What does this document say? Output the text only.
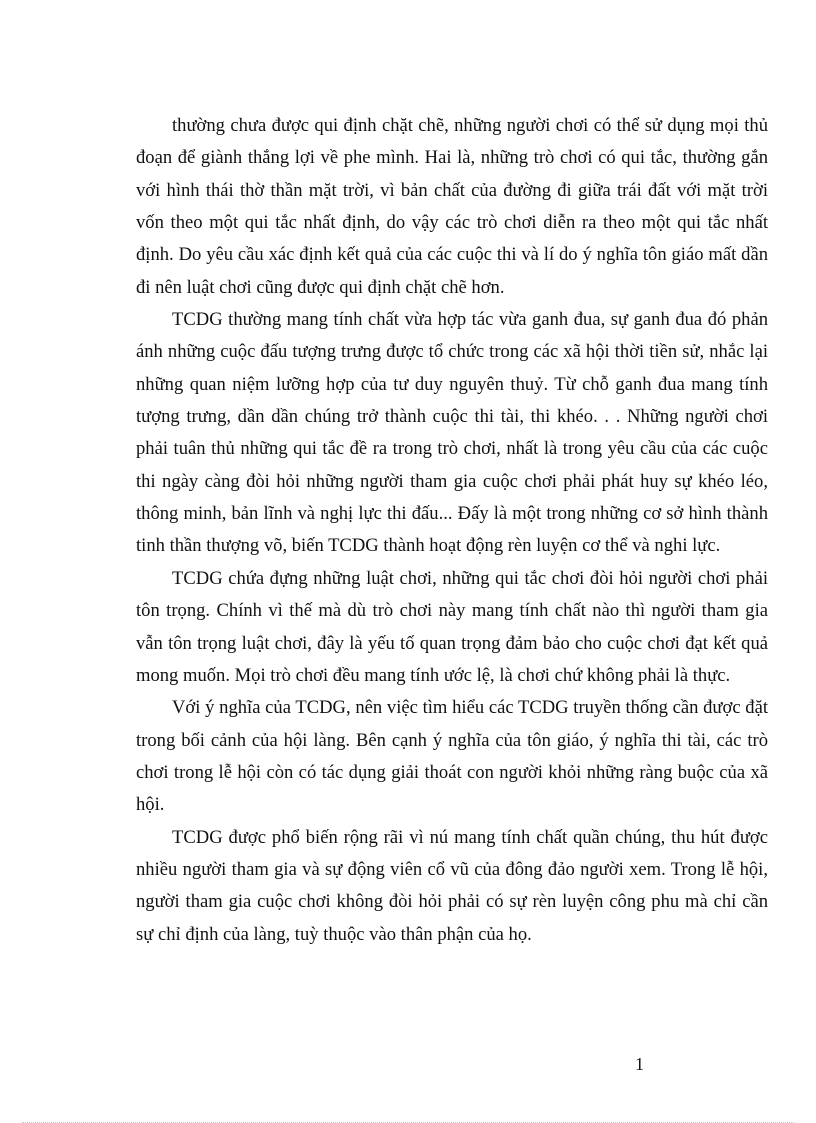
thường chưa được qui định chặt chẽ, những người chơi có thể sử dụng mọi thủ đoạn để giành thắng lợi về phe mình. Hai là, những trò chơi có qui tắc, thường gắn với hình thái thờ thần mặt trời, vì bản chất của đường đi giữa trái đất với mặt trời vốn theo một qui tắc nhất định, do vậy các trò chơi diễn ra theo một qui tắc nhất định. Do yêu cầu xác định kết quả của các cuộc thi và lí do ý nghĩa tôn giáo mất dần đi nên luật chơi cũng được qui định chặt chẽ hơn.

TCDG thường mang tính chất vừa hợp tác vừa ganh đua, sự ganh đua đó phản ánh những cuộc đấu tượng trưng được tổ chức trong các xã hội thời tiền sử, nhắc lại những quan niệm lưỡng hợp của tư duy nguyên thuỷ. Từ chỗ ganh đua mang tính tượng trưng, dần dần chúng trở thành cuộc thi tài, thi khéo. . . Những người chơi phải tuân thủ những qui tắc đề ra trong trò chơi, nhất là trong yêu cầu của các cuộc thi ngày càng đòi hỏi những người tham gia cuộc chơi phải phát huy sự khéo léo, thông minh, bản lĩnh và nghị lực thi đấu... Đấy là một trong những cơ sở hình thành tinh thần thượng võ, biến TCDG thành hoạt động rèn luyện cơ thể và nghi lực.

TCDG chứa đựng những luật chơi, những qui tắc chơi đòi hỏi người chơi phải tôn trọng. Chính vì thế mà dù trò chơi này mang tính chất nào thì người tham gia vẫn tôn trọng luật chơi, đây là yếu tố quan trọng đảm bảo cho cuộc chơi đạt kết quả mong muốn. Mọi trò chơi đều mang tính ước lệ, là chơi chứ không phải là thực.

Với ý nghĩa của TCDG, nên việc tìm hiểu các TCDG truyền thống cần được đặt trong bối cảnh của hội làng. Bên cạnh ý nghĩa của tôn giáo, ý nghĩa thi tài, các trò chơi trong lễ hội còn có tác dụng giải thoát con người khỏi những ràng buộc của xã hội.

TCDG được phổ biến rộng rãi vì nú mang tính chất quần chúng, thu hút được nhiều người tham gia và sự động viên cổ vũ của đông đảo người xem. Trong lễ hội, người tham gia cuộc chơi không đòi hỏi phải có sự rèn luyện công phu mà chỉ cần sự chỉ định của làng, tuỳ thuộc vào thân phận của họ.

1
